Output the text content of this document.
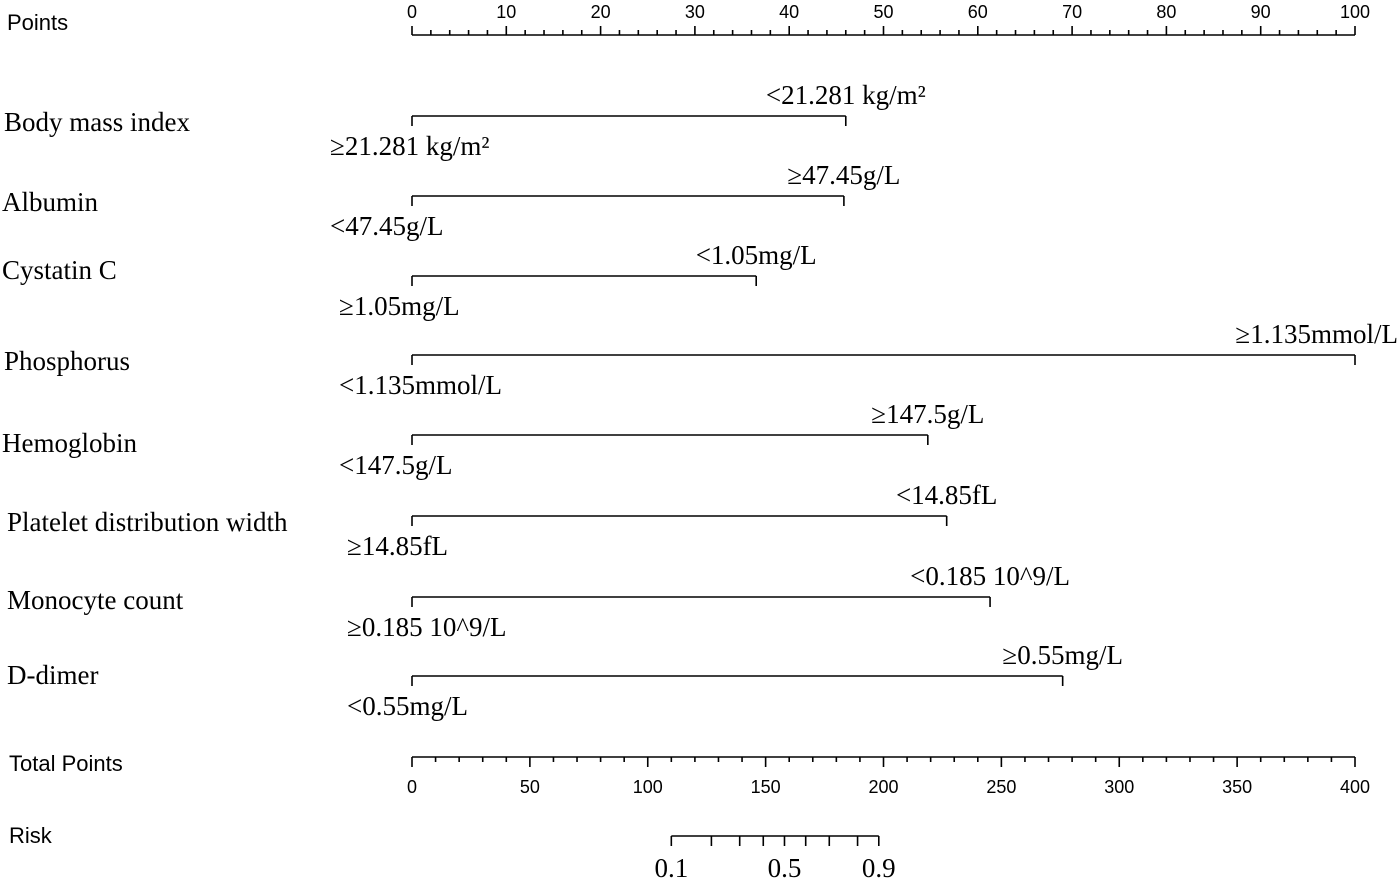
Points	0	10	20	30	40	50	60	70	80	90	100
Body mass index
≥21.281 kg/m²
<21.281 kg/m²
Albumin
<47.45g/L
≥47.45g/L
Cystatin C
≥1.05mg/L
<1.05mg/L
Phosphorus
<1.135mmol/L
≥1.135mmol/L
Hemoglobin
<147.5g/L
≥147.5g/L
Platelet distribution width
≥14.85fL
<14.85fL
Monocyte count
≥0.185 10^9/L
<0.185 10^9/L
D-dimer
<0.55mg/L
≥0.55mg/L
Total Points
0	50	100	150	200	250	300	350	400
Risk
0.1	0.5 0.9
